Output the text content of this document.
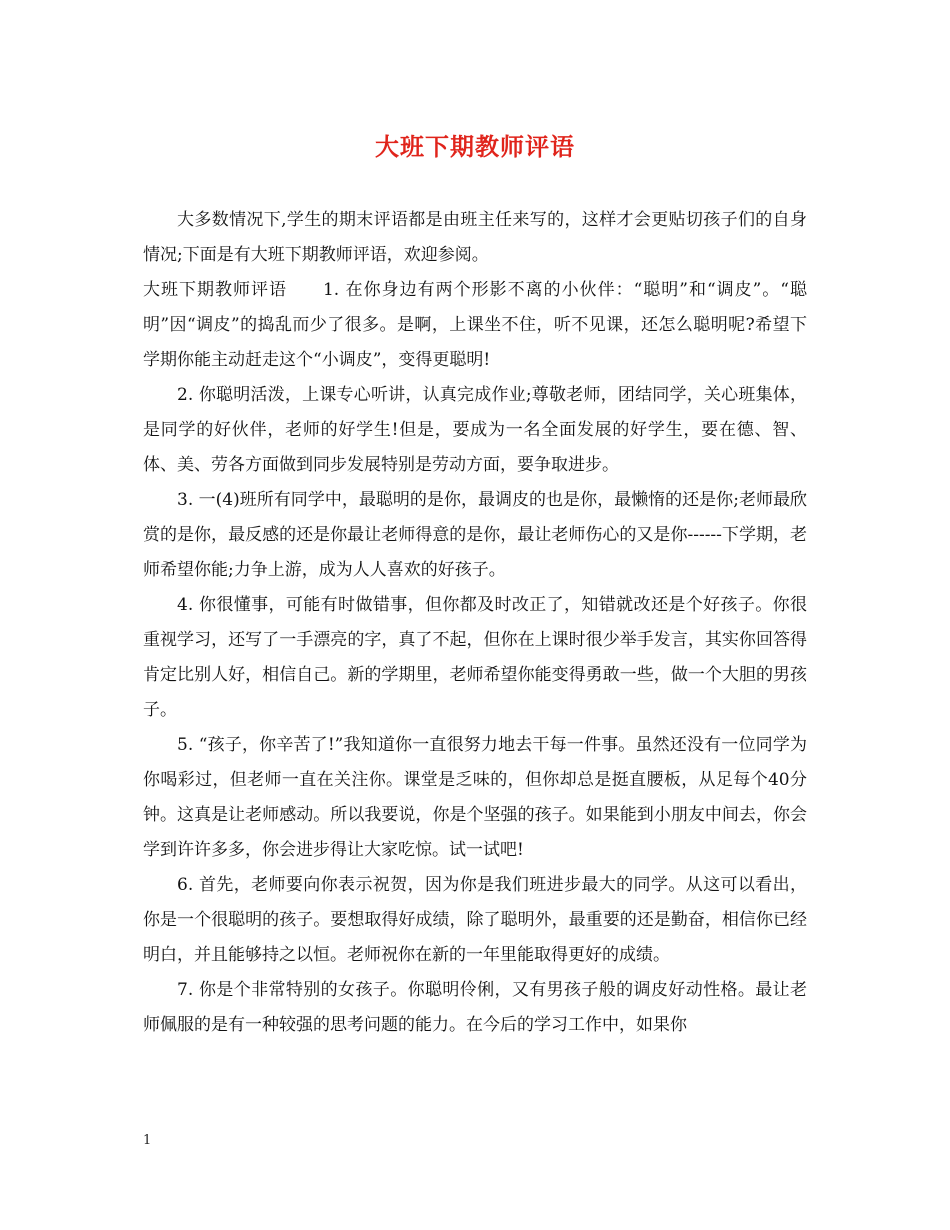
大班下期教师评语

大多数情况下,学生的期末评语都是由班主任来写的，这样才会更贴切孩子们的自身情况;下面是有大班下期教师评语，欢迎参阅。

大班下期教师评语　　1. 在你身边有两个形影不离的小伙伴：“聪明”和“调皮”。“聪明”因“调皮”的捣乱而少了很多。是啊，上课坐不住，听不见课，还怎么聪明呢?希望下学期你能主动赶走这个“小调皮”，变得更聪明!

2. 你聪明活泼，上课专心听讲，认真完成作业;尊敬老师，团结同学，关心班集体，是同学的好伙伴，老师的好学生!但是，要成为一名全面发展的好学生，要在德、智、体、美、劳各方面做到同步发展特别是劳动方面，要争取进步。

3. 一(4)班所有同学中，最聪明的是你，最调皮的也是你，最懒惰的还是你;老师最欣赏的是你，最反感的还是你最让老师得意的是你，最让老师伤心的又是你------下学期，老师希望你能;力争上游，成为人人喜欢的好孩子。

4. 你很懂事，可能有时做错事，但你都及时改正了，知错就改还是个好孩子。你很重视学习，还写了一手漂亮的字，真了不起，但你在上课时很少举手发言，其实你回答得肯定比别人好，相信自己。新的学期里，老师希望你能变得勇敢一些，做一个大胆的男孩子。

5. “孩子，你辛苦了!”我知道你一直很努力地去干每一件事。虽然还没有一位同学为你喝彩过，但老师一直在关注你。课堂是乏味的，但你却总是挺直腰板，从足每个40分钟。这真是让老师感动。所以我要说，你是个坚强的孩子。如果能到小朋友中间去，你会学到许许多多，你会进步得让大家吃惊。试一试吧!

6. 首先，老师要向你表示祝贺，因为你是我们班进步最大的同学。从这可以看出，你是一个很聪明的孩子。要想取得好成绩，除了聪明外，最重要的还是勤奋，相信你已经明白，并且能够持之以恒。老师祝你在新的一年里能取得更好的成绩。

7. 你是个非常特别的女孩子。你聪明伶俐，又有男孩子般的调皮好动性格。最让老师佩服的是有一种较强的思考问题的能力。在今后的学习工作中，如果你

1
